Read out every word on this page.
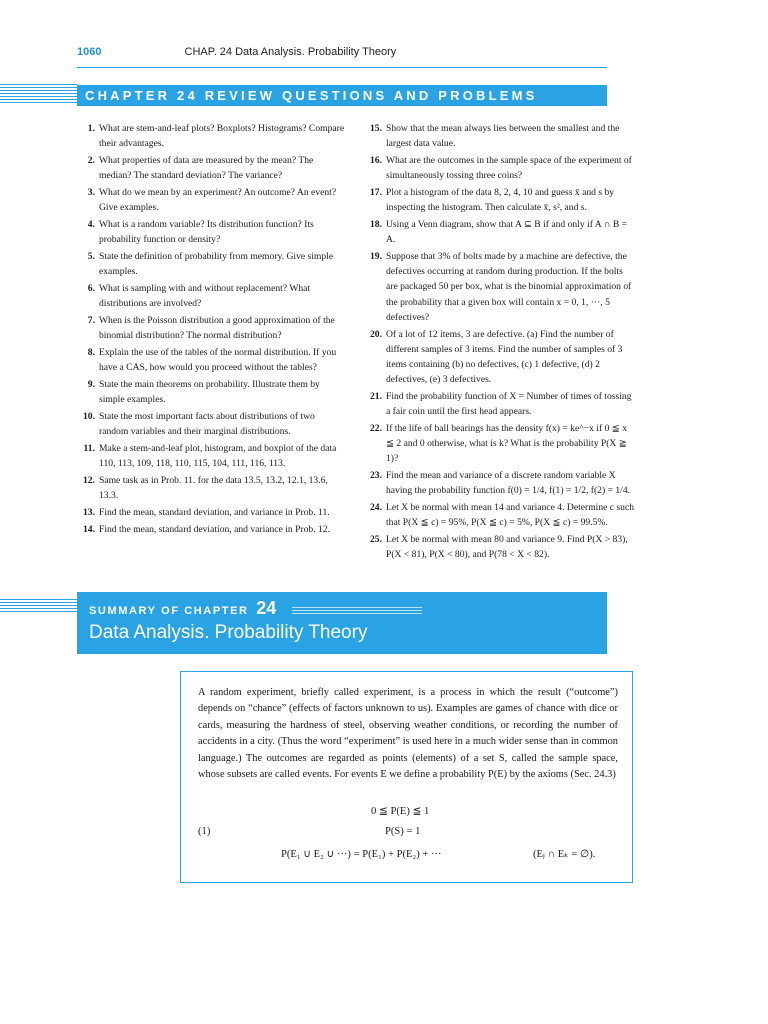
1060	CHAP. 24 Data Analysis. Probability Theory
CHAPTER 24 REVIEW QUESTIONS AND PROBLEMS
1. What are stem-and-leaf plots? Boxplots? Histograms? Compare their advantages.
2. What properties of data are measured by the mean? The median? The standard deviation? The variance?
3. What do we mean by an experiment? An outcome? An event? Give examples.
4. What is a random variable? Its distribution function? Its probability function or density?
5. State the definition of probability from memory. Give simple examples.
6. What is sampling with and without replacement? What distributions are involved?
7. When is the Poisson distribution a good approximation of the binomial distribution? The normal distribution?
8. Explain the use of the tables of the normal distribution. If you have a CAS, how would you proceed without the tables?
9. State the main theorems on probability. Illustrate them by simple examples.
10. State the most important facts about distributions of two random variables and their marginal distributions.
11. Make a stem-and-leaf plot, histogram, and boxplot of the data 110, 113, 109, 118, 110, 115, 104, 111, 116, 113.
12. Same task as in Prob. 11. for the data 13.5, 13.2, 12.1, 13.6, 13.3.
13. Find the mean, standard deviation, and variance in Prob. 11.
14. Find the mean, standard deviation, and variance in Prob. 12.
15. Show that the mean always lies between the smallest and the largest data value.
16. What are the outcomes in the sample space of the experiment of simultaneously tossing three coins?
17. Plot a histogram of the data 8, 2, 4, 10 and guess x̄ and s by inspecting the histogram. Then calculate x̄, s², and s.
18. Using a Venn diagram, show that A ⊆ B if and only if A ∩ B = A.
19. Suppose that 3% of bolts made by a machine are defective, the defectives occurring at random during production. If the bolts are packaged 50 per box, what is the binomial approximation of the probability that a given box will contain x = 0, 1, ···, 5 defectives?
20. Of a lot of 12 items, 3 are defective. (a) Find the number of different samples of 3 items. Find the number of samples of 3 items containing (b) no defectives, (c) 1 defective, (d) 2 defectives, (e) 3 defectives.
21. Find the probability function of X = Number of times of tossing a fair coin until the first head appears.
22. If the life of ball bearings has the density f(x) = ke^−x if 0 ≦ x ≦ 2 and 0 otherwise, what is k? What is the probability P(X ≧ 1)?
23. Find the mean and variance of a discrete random variable X having the probability function f(0) = 1/4, f(1) = 1/2, f(2) = 1/4.
24. Let X be normal with mean 14 and variance 4. Determine c such that P(X ≦ c) = 95%, P(X ≦ c) = 5%, P(X ≦ c) = 99.5%.
25. Let X be normal with mean 80 and variance 9. Find P(X > 83), P(X < 81), P(X < 80), and P(78 < X < 82).
SUMMARY OF CHAPTER 24
Data Analysis. Probability Theory
A random experiment, briefly called experiment, is a process in which the result (“outcome”) depends on “chance” (effects of factors unknown to us). Examples are games of chance with dice or cards, measuring the hardness of steel, observing weather conditions, or recording the number of accidents in a city. (Thus the word “experiment” is used here in a much wider sense than in common language.) The outcomes are regarded as points (elements) of a set S, called the sample space, whose subsets are called events. For events E we define a probability P(E) by the axioms (Sec. 24.3)
(1)
0 ≦ P(E) ≦ 1
P(S) = 1
P(E₁ ∪ E₂ ∪ ···) = P(E₁) + P(E₂) + ···	(Eⱼ ∩ Eₖ = ∅).
